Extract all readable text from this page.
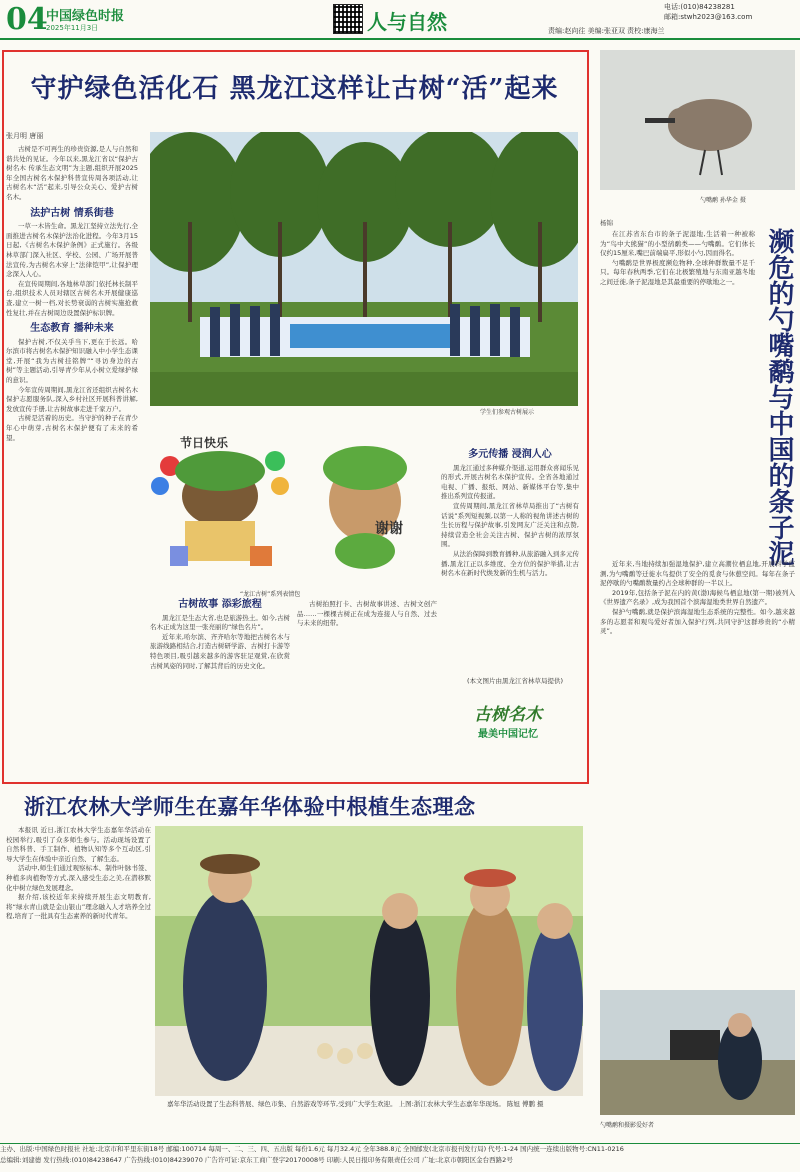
04
中国绿色时报
2025年11月3日	人与自然
电话:(010)84238281
邮箱:stwh2023@163.com
责编:赵向往 美编:张亚双 责校:康海兰
守护绿色活化石 黑龙江这样让古树“活”起来
张月明 唐丽

古树是不可再生的珍贵资源,是人与自然和谐共处的见证。今年以来,黑龙江省以“保护古树名木 传承生态文明”为主题,组织开展2025年全国古树名木保护科普宣传周各项活动,让古树名木“活”起来,引导公众关心、爱护古树名木。

法护古树 情系街巷

一草一木皆生命。黑龙江坚持立法先行,全面推进古树名木保护法治化进程。今年3月15日起,《古树名木保护条例》正式施行。各级林草部门深入社区、学校、公园、广场开展普法宣传,为古树名木穿上“法律铠甲”,让保护理念深入人心。

在宣传周期间,各地林草部门依托林长制平台,组织技术人员对辖区古树名木开展健康巡查,建立一树一档,对长势衰弱的古树实施抢救性复壮,并在古树周边设置保护标识牌。

生态教育 播种未来

保护古树,不仅关乎当下,更在于长远。哈尔滨市将古树名木保护知识融入中小学生态课堂,开展“我为古树挂铭牌”“寻访身边的古树”等主题活动,引导青少年从小树立爱绿护绿的意识。

今年宣传周期间,黑龙江省还组织古树名木保护志愿服务队,深入乡村社区开展科普讲解,发放宣传手册,让古树故事走进千家万户。

古树是活着的历史。当守护的种子在青少年心中萌芽,古树名木保护便有了未来的希望。

学生们参观古树展示
节日快乐
谢谢
“龙江古树”系列表情包
古树故事 添彩旅程

黑龙江是生态大省,也是旅游热土。如今,古树名木正成为这里一张亮丽的“绿色名片”。

近年来,哈尔滨、齐齐哈尔等地把古树名木与旅游线路相结合,打造古树研学游、古树打卡游等特色项目,吸引越来越多的游客驻足观赏,在欣赏古树风姿的同时,了解其背后的历史文化。

古树拍照打卡、古树故事讲述、古树文创产品……一棵棵古树正在成为连接人与自然、过去与未来的纽带。

多元传播 浸润人心

黑龙江通过多种媒介渠道,运用群众喜闻乐见的形式,开展古树名木保护宣传。全省各地通过电视、广播、报纸、网站、新媒体平台等,集中推出系列宣传报道。

宣传周期间,黑龙江省林草局推出了“古树有话说”系列短视频,以第一人称的视角讲述古树的生长历程与保护故事,引发网友广泛关注和点赞,持续营造全社会关注古树、保护古树的浓厚氛围。

从法治保障到教育播种,从旅游融入到多元传播,黑龙江正以多维度、全方位的保护举措,让古树名木在新时代焕发新的生机与活力。

(本文图片由黑龙江省林草局提供)
古树名木
最美中国记忆
浙江农林大学师生在嘉年华体验中根植生态理念

本报讯 近日,浙江农林大学生态嘉年华活动在校园举行,吸引了众多师生参与。活动现场设置了自然科普、手工制作、植物认知等多个互动区,引导大学生在体验中亲近自然、了解生态。

活动中,师生们通过观察标本、制作叶脉书签、种植多肉植物等方式,深入感受生态之美,在潜移默化中树立绿色发展理念。

据介绍,该校近年来持续开展生态文明教育,将“绿水青山就是金山银山”理念融入人才培养全过程,培育了一批具有生态素养的新时代青年。

嘉年华活动设置了生态科普展、绿色市集、自然游戏等环节,受到广大学生欢迎。 上图:浙江农林大学生态嘉年华现场。 陈旭 傅鹏 摄

勺嘴鹬 孙华金 摄
杨锦
濒危的勺嘴鹬与中国的条子泥

在江苏省东台市的条子泥湿地,生活着一种被称为“鸟中大熊猫”的小型鸻鹬类——勺嘴鹬。它们体长仅约15厘米,嘴巴前端扁平,形似小勺,因而得名。

勺嘴鹬是世界极度濒危物种,全球种群数量不足千只。每年春秋两季,它们在北极繁殖地与东南亚越冬地之间迁徙,条子泥湿地是其最重要的停歇地之一。

近年来,当地持续加强湿地保护,建立高潮位栖息地,开展科学监测,为勺嘴鹬等迁徙水鸟提供了安全的觅食与休憩空间。每年在条子泥停歇的勺嘴鹬数量约占全球种群的一半以上。

2019年,包括条子泥在内的黄(渤)海候鸟栖息地(第一期)被列入《世界遗产名录》,成为我国首个滨海湿地类世界自然遗产。

保护勺嘴鹬,就是保护滨海湿地生态系统的完整性。如今,越来越多的志愿者和观鸟爱好者加入保护行列,共同守护这群珍贵的“小精灵”。

勺嘴鹬和摄影爱好者
主办、出版:中国绿色时报社 社址:北京市和平里东街18号 邮编:100714 每周一、二、三、四、五出版 每份1.6元 每月32.4元 全年388.8元 全国邮发(北京市报刊发行局) 代号:1-24 国内统一连续出版物号:CN11-0216
总编辑:刘建德 发行热线:(010)84238647 广告热线:(010)84239070 广告许可证:京东工商广登字20170008号 印刷:人民日报印务有限责任公司 广址:北京市朝阳区金台西路2号
